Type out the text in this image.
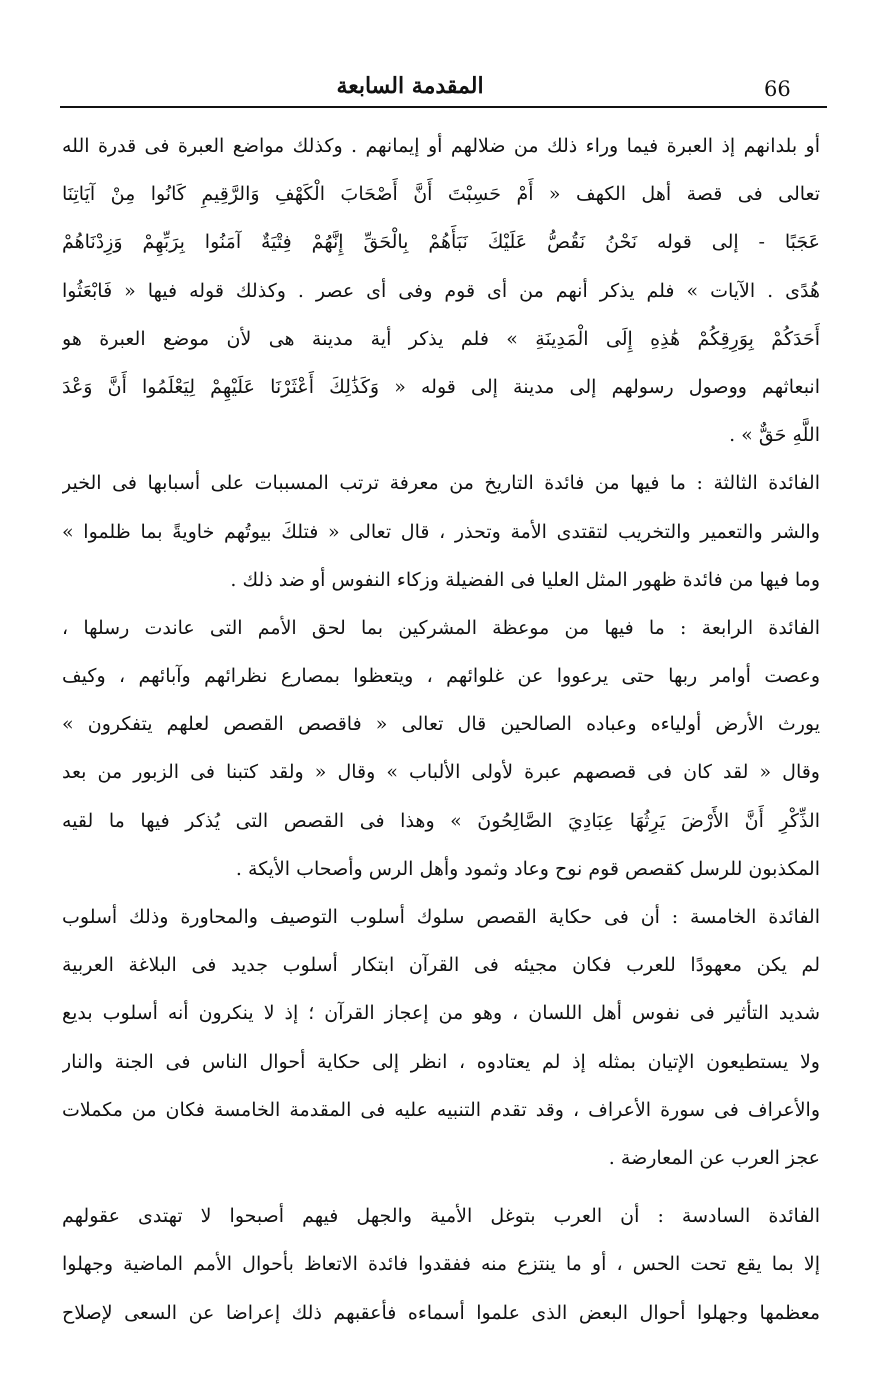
66
المقدمة السابعة
أو بلدانهم إذ العبرة فيما وراء ذلك من ضلالهم أو إيمانهم . وكذلك مواضع العبرة فى قدرة الله
تعالى فى قصة أهل الكهف « أَمْ حَسِبْتَ أَنَّ أَصْحَابَ الْكَهْفِ وَالرَّقِيمِ كَانُوا مِنْ آيَاتِنَا
عَجَبًا - إلى قوله نَحْنُ نَقُصُّ عَلَيْكَ نَبَأَهُمْ بِالْحَقِّ إِنَّهُمْ فِتْيَةٌ آمَنُوا بِرَبِّهِمْ وَزِدْنَاهُمْ
هُدًى . الآيات » فلم يذكر أنهم من أى قوم وفى أى عصر . وكذلك قوله فيها « فَابْعَثُوا
أَحَدَكُمْ بِوَرِقِكُمْ هَٰذِهِ إِلَى الْمَدِينَةِ » فلم يذكر أية مدينة هى لأن موضع العبرة هو
انبعاثهم ووصول رسولهم إلى مدينة إلى قوله « وَكَذَٰلِكَ أَعْثَرْنَا عَلَيْهِمْ لِيَعْلَمُوا أَنَّ وَعْدَ
اللَّهِ حَقٌّ » .
الفائدة الثالثة : ما فيها من فائدة التاريخ من معرفة ترتب المسببات على أسبابها فى الخير
والشر والتعمير والتخريب لتقتدى الأمة وتحذر ، قال تعالى « فتلكَ بيوتُهم خاويةً بما ظلموا »
وما فيها من فائدة ظهور المثل العليا فى الفضيلة وزكاء النفوس أو ضد ذلك .
الفائدة الرابعة : ما فيها من موعظة المشركين بما لحق الأمم التى عاندت رسلها ،
وعصت أوامر ربها حتى يرعووا عن غلوائهم ، ويتعظوا بمصارع نظرائهم وآبائهم ، وكيف
يورث الأرض أولياءه وعباده الصالحين قال تعالى « فاقصص القصص لعلهم يتفكرون »
وقال « لقد كان فى قصصهم عبرة لأولى الألباب » وقال « ولقد كتبنا فى الزبور من بعد
الذِّكْرِ أَنَّ الأَرْضَ يَرِثُهَا عِبَادِيَ الصَّالِحُونَ » وهذا فى القصص التى يُذكر فيها ما لقيه
المكذبون للرسل كقصص قوم نوح وعاد وثمود وأهل الرس وأصحاب الأيكة .
الفائدة الخامسة : أن فى حكاية القصص سلوك أسلوب التوصيف والمحاورة وذلك أسلوب
لم يكن معهودًا للعرب فكان مجيئه فى القرآن ابتكار أسلوب جديد فى البلاغة العربية
شديد التأثير فى نفوس أهل اللسان ، وهو من إعجاز القرآن ؛ إذ لا ينكرون أنه أسلوب بديع
ولا يستطيعون الإتيان بمثله إذ لم يعتادوه ، انظر إلى حكاية أحوال الناس فى الجنة والنار
والأعراف فى سورة الأعراف ، وقد تقدم التنبيه عليه فى المقدمة الخامسة فكان من مكملات
عجز العرب عن المعارضة .
الفائدة السادسة : أن العرب بتوغل الأمية والجهل فيهم أصبحوا لا تهتدى عقولهم
إلا بما يقع تحت الحس ، أو ما ينتزع منه ففقدوا فائدة الاتعاظ بأحوال الأمم الماضية وجهلوا
معظمها وجهلوا أحوال البعض الذى علموا أسماءه فأعقبهم ذلك إعراضا عن السعى لإصلاح
